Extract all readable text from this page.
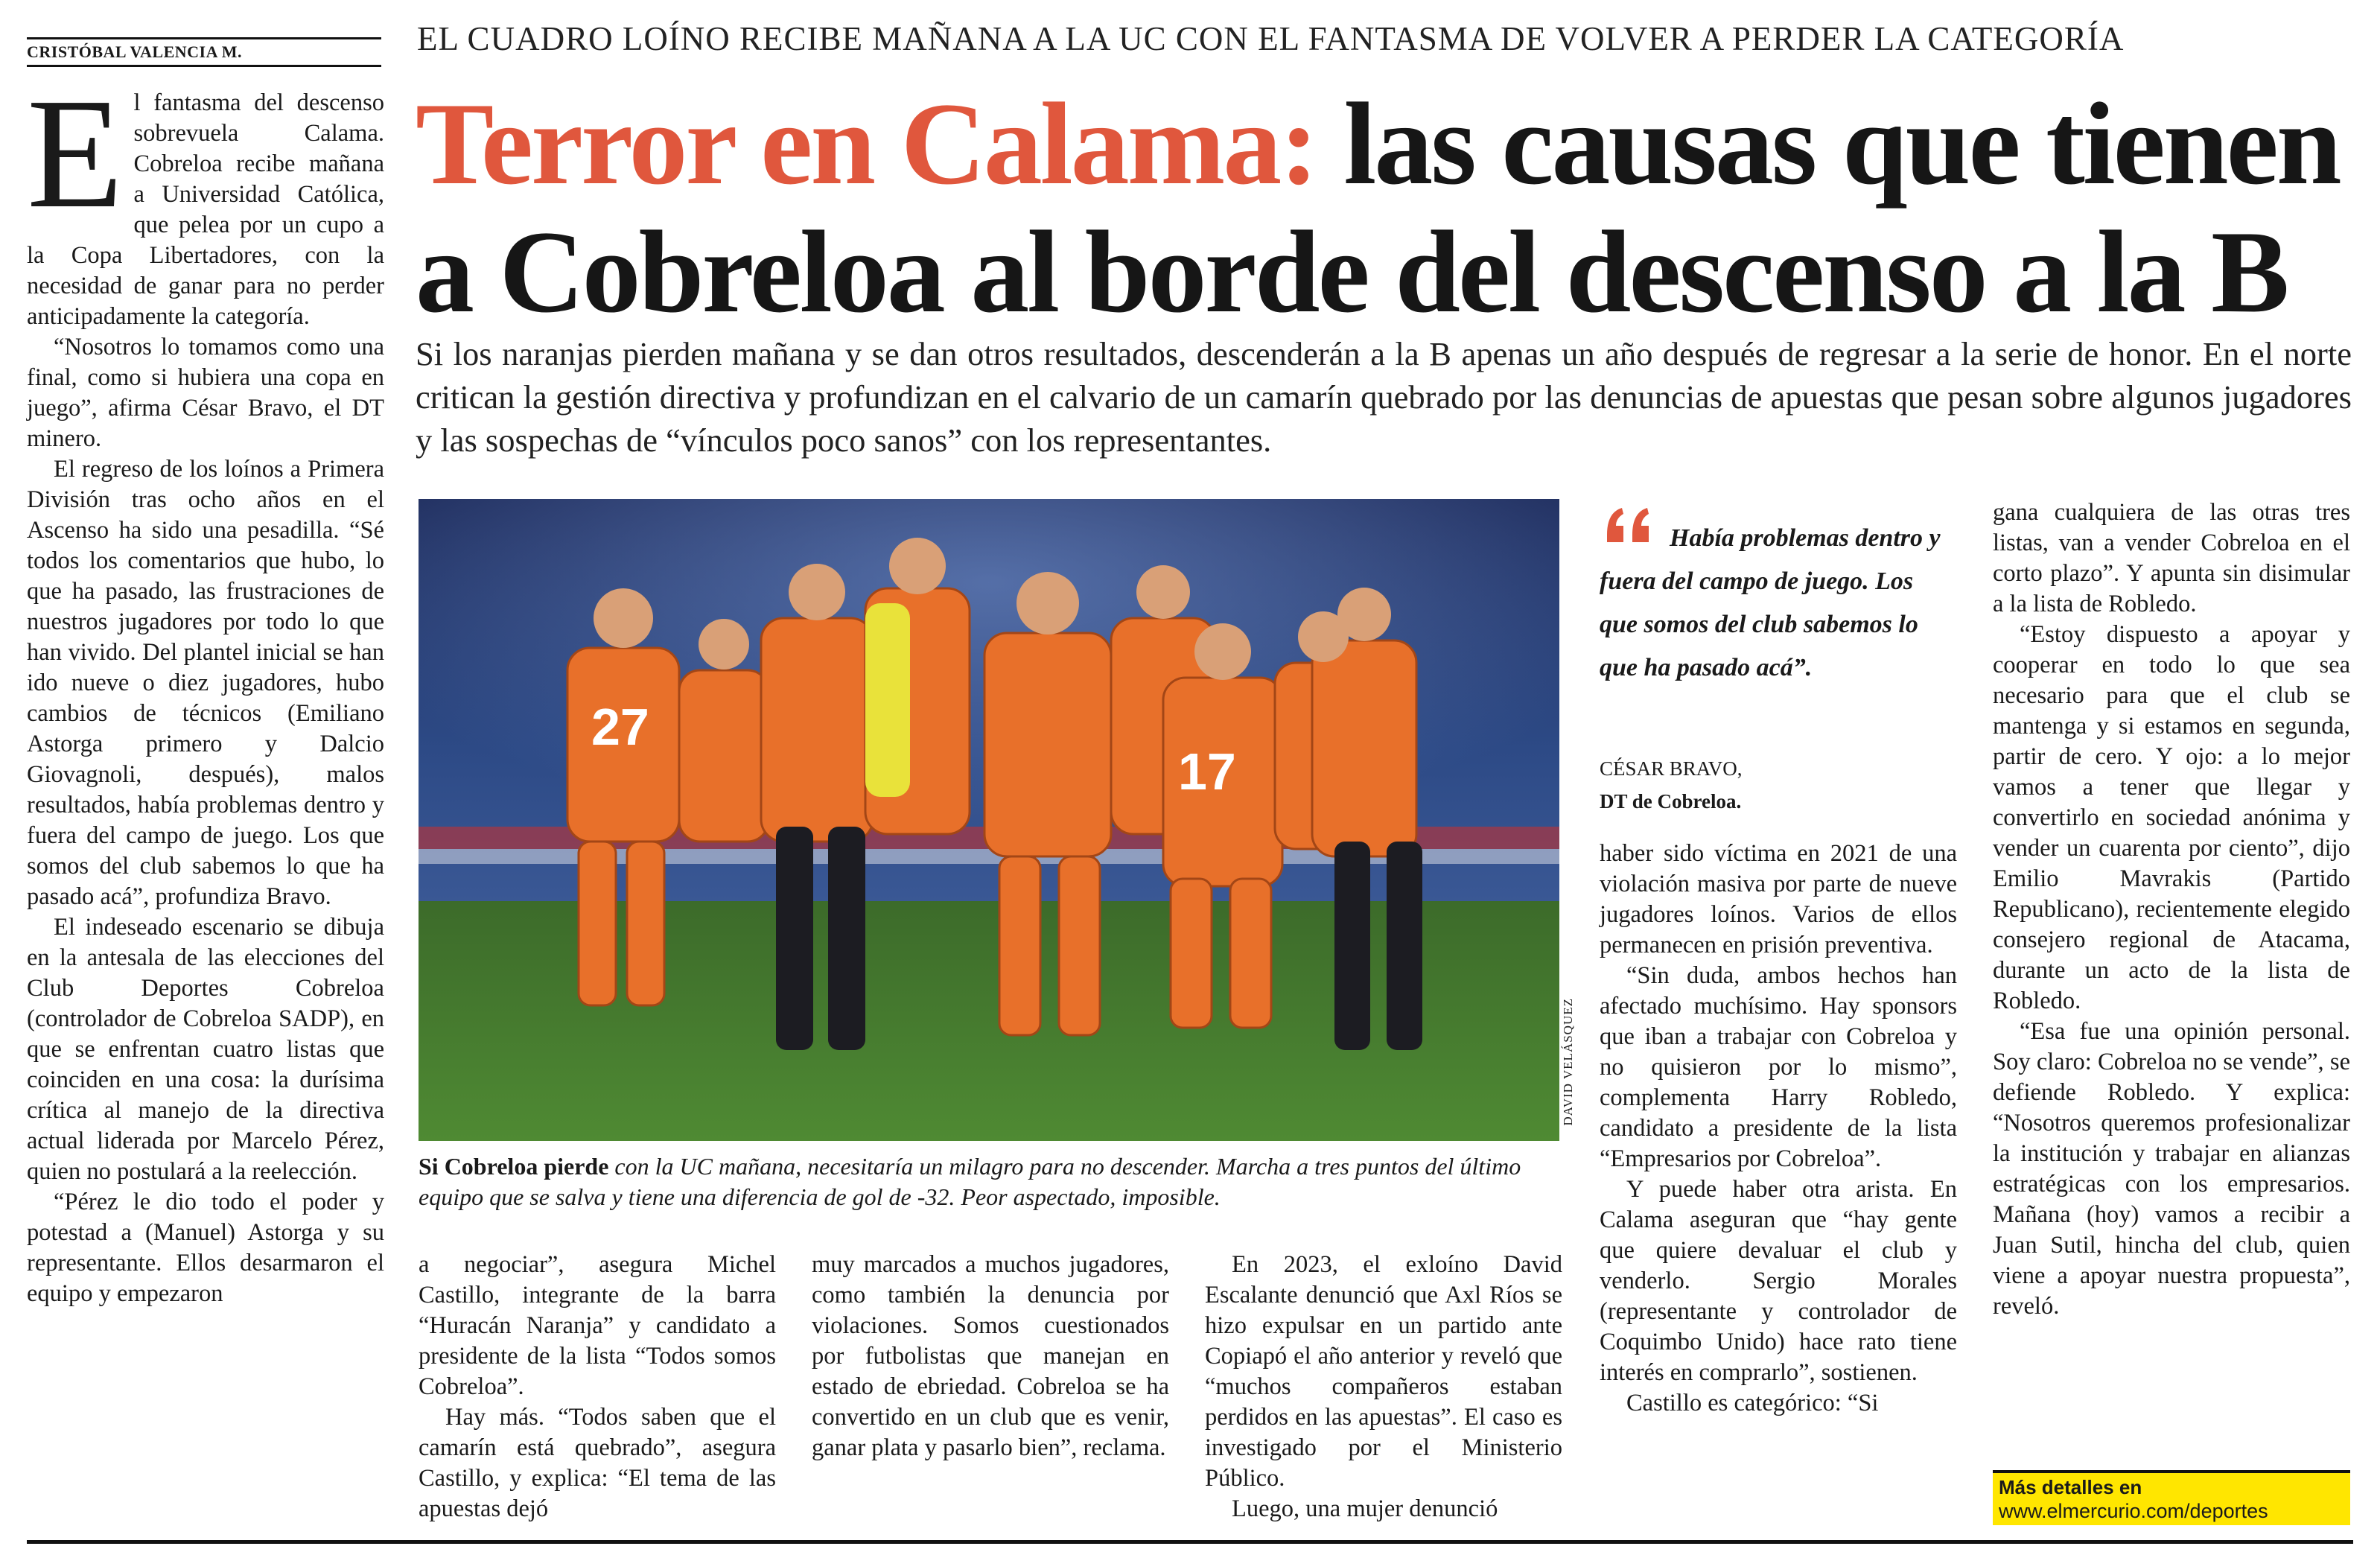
CRISTÓBAL VALENCIA M.	EL CUADRO LOÍNO RECIBE MAÑANA A LA UC CON EL FANTASMA DE VOLVER A PERDER LA CATEGORÍA
Terror en Calama: las causas que tienen
a Cobreloa al borde del descenso a la B
Si los naranjas pierden mañana y se dan otros resultados, descenderán a la B apenas un año después de regresar a la serie de honor. En el norte critican la gestión directiva y profundizan en el calvario de un camarín quebrado por las denuncias de apuestas que pesan sobre algunos jugadores y las sospechas de “vínculos poco sanos” con los representantes.

El fantasma del descenso sobrevuela Calama. Cobreloa recibe mañana a Universidad Católica, que pelea por un cupo a la Copa Libertadores, con la necesidad de ganar para no perder anticipadamente la categoría.

“Nosotros lo tomamos como una final, como si hubiera una copa en juego”, afirma César Bravo, el DT minero.

El regreso de los loínos a Primera División tras ocho años en el Ascenso ha sido una pesadilla. “Sé todos los comentarios que hubo, lo que ha pasado, las frustraciones de nuestros jugadores por todo lo que han vivido. Del plantel inicial se han ido nueve o diez jugadores, hubo cambios de técnicos (Emiliano Astorga primero y Dalcio Giovagnoli, después), malos resultados, había problemas dentro y fuera del campo de juego. Los que somos del club sabemos lo que ha pasado acá”, profundiza Bravo.

El indeseado escenario se dibuja en la antesala de las elecciones del Club Deportes Cobreloa (controlador de Cobreloa SADP), en que se enfrentan cuatro listas que coinciden en una cosa: la durísima crítica al manejo de la directiva actual liderada por Marcelo Pérez, quien no postulará a la reelección.

“Pérez le dio todo el poder y potestad a (Manuel) Astorga y su representante. Ellos desarmaron el equipo y empezaron

27
17
DAVID VELÁSQUEZ
Si Cobreloa pierde con la UC mañana, necesitaría un milagro para no descender. Marcha a tres puntos del último equipo que se salva y tiene una diferencia de gol de -32. Peor aspectado, imposible.

a negociar”, asegura Michel Castillo, integrante de la barra “Huracán Naranja” y candidato a presidente de la lista “Todos somos Cobreloa”.

Hay más. “Todos saben que el camarín está quebrado”, asegura Castillo, y explica: “El tema de las apuestas dejó

muy marcados a muchos jugadores, como también la denuncia por violaciones. Somos cuestionados por futbolistas que manejan en estado de ebriedad. Cobreloa se ha convertido en un club que es venir, ganar plata y pasarlo bien”, reclama.

En 2023, el exloíno David Escalante denunció que Axl Ríos se hizo expulsar en un partido ante Copiapó el año anterior y reveló que “muchos compañeros estaban perdidos en las apuestas”. El caso es investigado por el Ministerio Público.

Luego, una mujer denunció

Había problemas dentro y fuera del campo de juego. Los que somos del club sabemos lo que ha pasado acá”.
CÉSAR BRAVO,
DT de Cobreloa.

haber sido víctima en 2021 de una violación masiva por parte de nueve jugadores loínos. Varios de ellos permanecen en prisión preventiva.

“Sin duda, ambos hechos han afectado muchísimo. Hay sponsors que iban a trabajar con Cobreloa y no quisieron por lo mismo”, complementa Harry Robledo, candidato a presidente de la lista “Empresarios por Cobreloa”.

Y puede haber otra arista. En Calama aseguran que “hay gente que quiere devaluar el club y venderlo. Sergio Morales (representante y controlador de Coquimbo Unido) hace rato tiene interés en comprarlo”, sostienen.

Castillo es categórico: “Si

gana cualquiera de las otras tres listas, van a vender Cobreloa en el corto plazo”. Y apunta sin disimular a la lista de Robledo.

“Estoy dispuesto a apoyar y cooperar en todo lo que sea necesario para que el club se mantenga y si estamos en segunda, partir de cero. Y ojo: a lo mejor vamos a tener que llegar y convertirlo en sociedad anónima y vender un cuarenta por ciento”, dijo Emilio Mavrakis (Partido Republicano), recientemente elegido consejero regional de Atacama, durante un acto de la lista de Robledo.

“Esa fue una opinión personal. Soy claro: Cobreloa no se vende”, se defiende Robledo. Y explica: “Nosotros queremos profesionalizar la institución y trabajar en alianzas estratégicas con los empresarios. Mañana (hoy) vamos a recibir a Juan Sutil, hincha del club, quien viene a apoyar nuestra propuesta”, reveló.

Más detalles en
www.elmercurio.com/deportes
